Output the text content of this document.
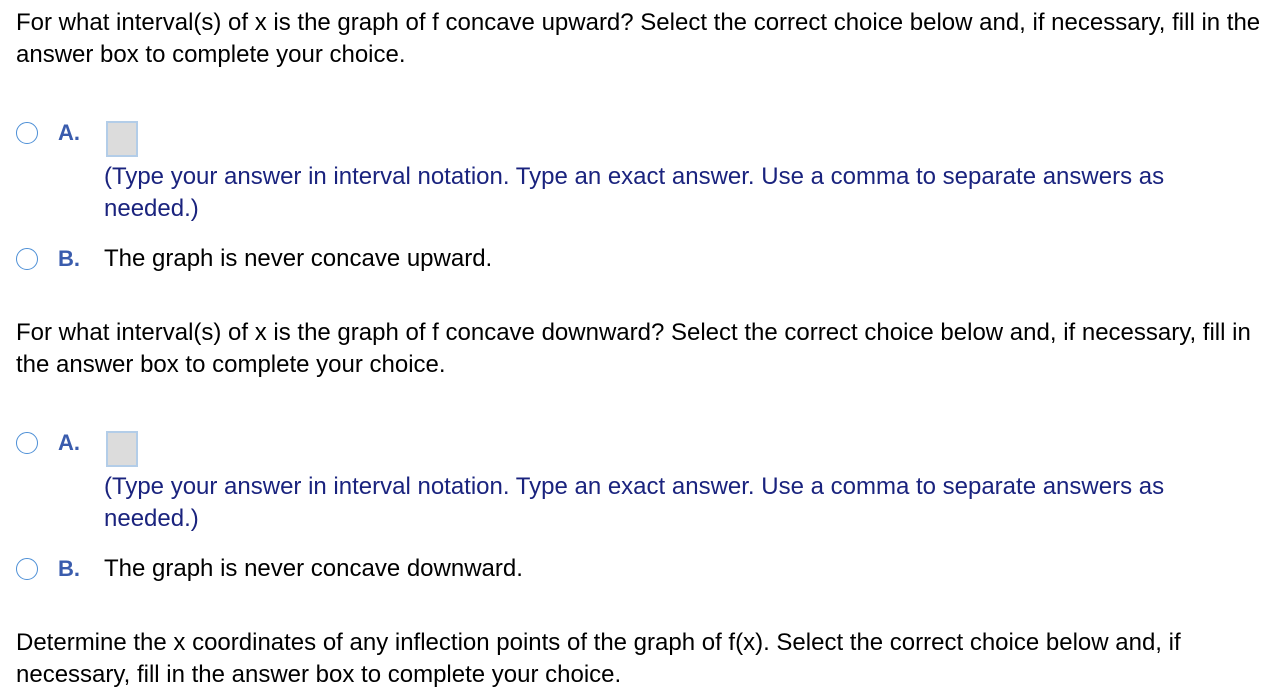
For what interval(s) of x is the graph of f concave upward? Select the correct choice below and, if necessary, fill in the answer box to complete your choice.

A.

(Type your answer in interval notation. Type an exact answer. Use a comma to separate answers as needed.)

B. The graph is never concave upward.

For what interval(s) of x is the graph of f concave downward? Select the correct choice below and, if necessary, fill in the answer box to complete your choice.

A.

(Type your answer in interval notation. Type an exact answer. Use a comma to separate answers as needed.)

B. The graph is never concave downward.

Determine the x coordinates of any inflection points of the graph of f(x). Select the correct choice below and, if necessary, fill in the answer box to complete your choice.
